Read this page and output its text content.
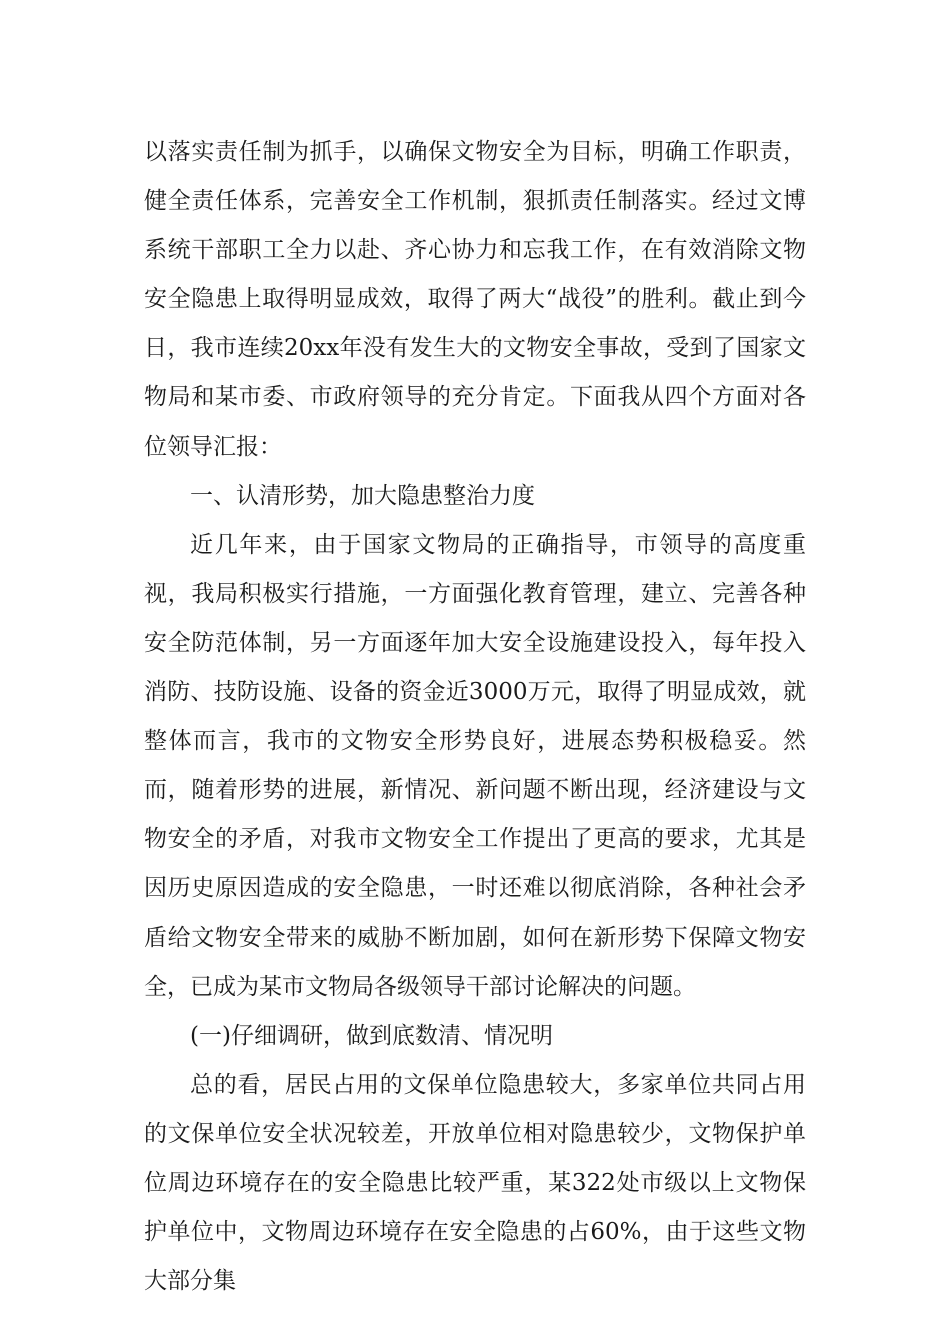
以落实责任制为抓手，以确保文物安全为目标，明确工作职责，健全责任体系，完善安全工作机制，狠抓责任制落实。经过文博系统干部职工全力以赴、齐心协力和忘我工作，在有效消除文物安全隐患上取得明显成效，取得了两大“战役”的胜利。截止到今日，我市连续20xx年没有发生大的文物安全事故，受到了国家文物局和某市委、市政府领导的充分肯定。下面我从四个方面对各位领导汇报：

一、认清形势，加大隐患整治力度

近几年来，由于国家文物局的正确指导，市领导的高度重视，我局积极实行措施，一方面强化教育管理，建立、完善各种安全防范体制，另一方面逐年加大安全设施建设投入，每年投入消防、技防设施、设备的资金近3000万元，取得了明显成效，就整体而言，我市的文物安全形势良好，进展态势积极稳妥。然而，随着形势的进展，新情况、新问题不断出现，经济建设与文物安全的矛盾，对我市文物安全工作提出了更高的要求，尤其是因历史原因造成的安全隐患，一时还难以彻底消除，各种社会矛盾给文物安全带来的威胁不断加剧，如何在新形势下保障文物安全，已成为某市文物局各级领导干部讨论解决的问题。

(一)仔细调研，做到底数清、情况明

总的看，居民占用的文保单位隐患较大，多家单位共同占用的文保单位安全状况较差，开放单位相对隐患较少，文物保护单位周边环境存在的安全隐患比较严重，某322处市级以上文物保护单位中，文物周边环境存在安全隐患的占60%，由于这些文物大部分集
